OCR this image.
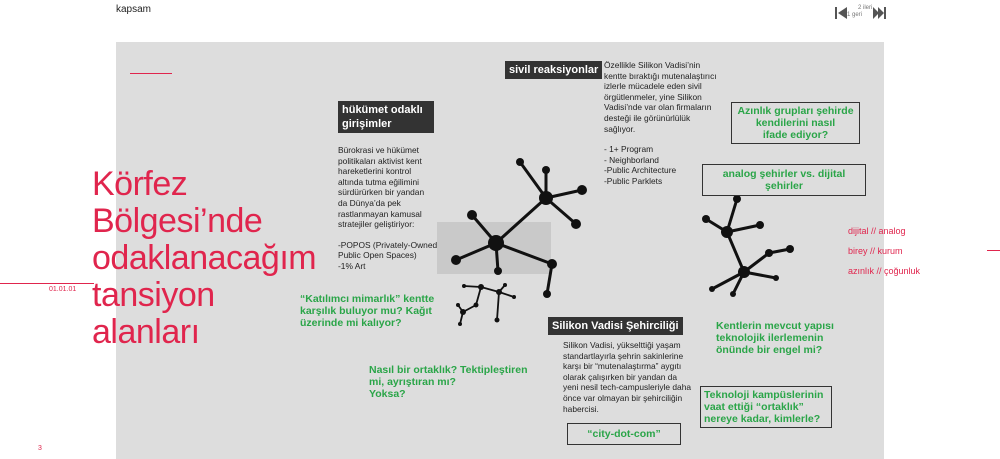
kapsam	1 geri
2 ileri
01.01.01
3
Körfez
Bölgesi’nde
odaklanacağım
tansiyon
alanları
hükümet odaklı
girişimler
Bürokrasi ve hükümet
politikaları aktivist kent
hareketlerini kontrol
altında tutma eğilimini
sürdürürken bir yandan
da Dünya’da pek
rastlanmayan kamusal
stratejiler geliştiriyor:
-POPOS (Privately-Owned
Public Open Spaces)
-1% Art
sivil reaksiyonlar Özellikle Silikon Vadisi’nin
kentte bıraktığı mutenalaştırıcı
izlerle mücadele eden sivil
örgütlenmeler, yine Silikon
Vadisi’nde var olan firmaların
desteği ile görünürlülük
sağlıyor.
- 1+ Program
- Neighborland
-Public Architecture
-Public Parklets
Silikon Vadisi Şehirciliği
Silikon Vadisi, yükselttiği yaşam
standartlayırla şehrin sakinlerine
karşı bir “mutenalaştırma” aygıtı
olarak çalışırken bir yandan da
yeni nesil tech-campusleriyle daha
önce var olmayan bir şehirciliğin
habercisi.
“Katılımcı mimarlık” kentte
karşılık buluyor mu? Kağıt
üzerinde mi kalıyor?
Nasıl bir ortaklık? Tektipleştiren
mi, ayrıştıran mı?
Yoksa?
Azınlık grupları şehirde
kendilerini nasıl
ifade ediyor?
analog şehirler vs. dijital şehirler
Kentlerin mevcut yapısı
teknolojik ilerlemenin
önünde bir engel mi?
Teknoloji kampüslerinin
vaat ettiği “ortaklık”
nereye kadar, kimlerle?
“city-dot-com”
dijital // analog
birey // kurum
azınlık // çoğunluk
